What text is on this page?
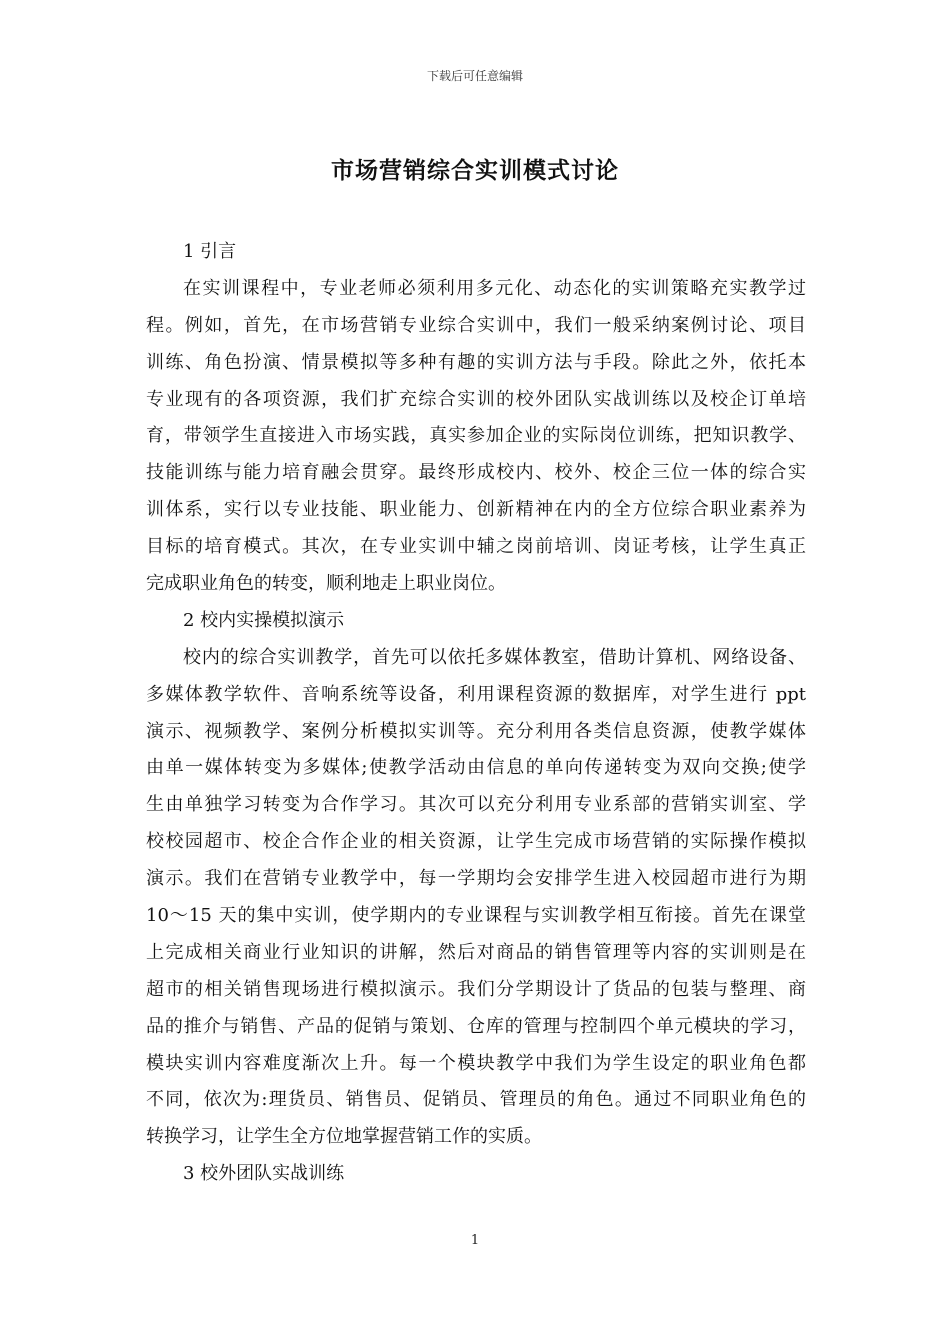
下载后可任意编辑
市场营销综合实训模式讨论
1 引言
在实训课程中，专业老师必须利用多元化、动态化的实训策略充实教学过
程。例如，首先，在市场营销专业综合实训中，我们一般采纳案例讨论、项目
训练、角色扮演、情景模拟等多种有趣的实训方法与手段。除此之外，依托本
专业现有的各项资源，我们扩充综合实训的校外团队实战训练以及校企订单培
育，带领学生直接进入市场实践，真实参加企业的实际岗位训练，把知识教学、
技能训练与能力培育融会贯穿。最终形成校内、校外、校企三位一体的综合实
训体系，实行以专业技能、职业能力、创新精神在内的全方位综合职业素养为
目标的培育模式。其次，在专业实训中辅之岗前培训、岗证考核，让学生真正
完成职业角色的转变，顺利地走上职业岗位。
2 校内实操模拟演示
校内的综合实训教学，首先可以依托多媒体教室，借助计算机、网络设备、
多媒体教学软件、音响系统等设备，利用课程资源的数据库，对学生进行 ppt
演示、视频教学、案例分析模拟实训等。充分利用各类信息资源，使教学媒体
由单一媒体转变为多媒体;使教学活动由信息的单向传递转变为双向交换;使学
生由单独学习转变为合作学习。其次可以充分利用专业系部的营销实训室、学
校校园超市、校企合作企业的相关资源，让学生完成市场营销的实际操作模拟
演示。我们在营销专业教学中，每一学期均会安排学生进入校园超市进行为期
10～15 天的集中实训，使学期内的专业课程与实训教学相互衔接。首先在课堂
上完成相关商业行业知识的讲解，然后对商品的销售管理等内容的实训则是在
超市的相关销售现场进行模拟演示。我们分学期设计了货品的包装与整理、商
品的推介与销售、产品的促销与策划、仓库的管理与控制四个单元模块的学习，
模块实训内容难度渐次上升。每一个模块教学中我们为学生设定的职业角色都
不同，依次为:理货员、销售员、促销员、管理员的角色。通过不同职业角色的
转换学习，让学生全方位地掌握营销工作的实质。
3 校外团队实战训练
1
